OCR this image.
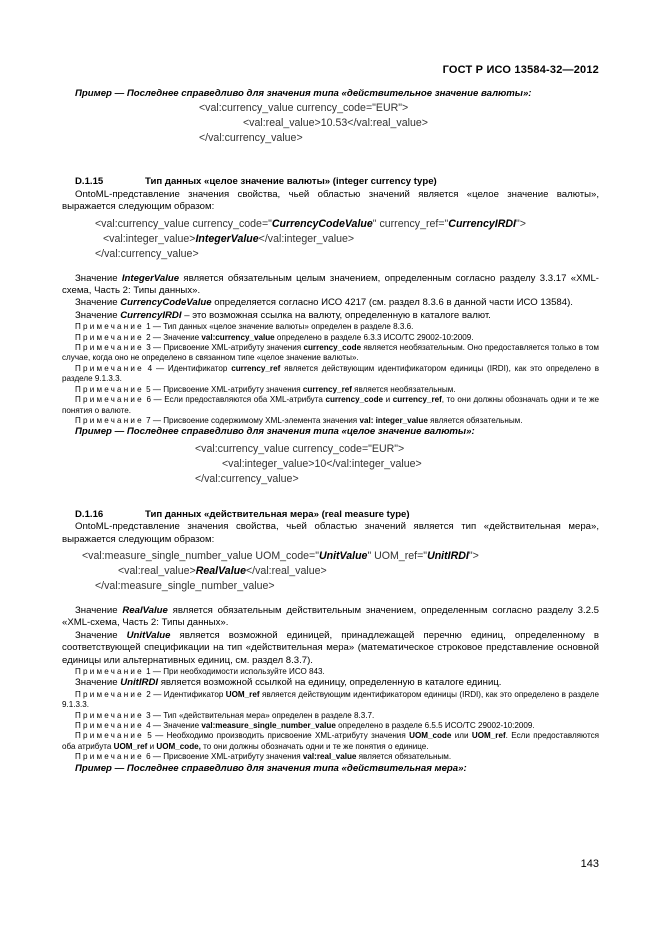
ГОСТ Р ИСО 13584-32—2012
Пример — Последнее справедливо для значения типа «действительное значение валюты»:
<val:currency_value currency_code="EUR">
<val:real_value>10.53</val:real_value>
</val:currency_value>
D.1.15	Тип данных «целое значение валюты» (integer currency type)
OntoML-представление значения свойства, чьей областью значений является «целое значение валюты», выражается следующим образом:
<val:currency_value currency_code="CurrencyCodeValue" currency_ref="CurrencyIRDI">
<val:integer_value>IntegerValue</val:integer_value>
</val:currency_value>
Значение IntegerValue является обязательным целым значением, определенным согласно разделу 3.3.17 «XML-схема, Часть 2: Типы данных».
Значение CurrencyCodeValue определяется согласно ИСО 4217 (см. раздел 8.3.6 в данной части ИСО 13584).
Значение CurrencyIRDI – это возможная ссылка на валюту, определенную в каталоге валют.
Примечание 1 — Тип данных «целое значение валюты» определен в разделе 8.3.6.
Примечание 2 — Значение val:currency_value определено в разделе 6.3.3 ИСО/ТС 29002-10:2009.
Примечание 3 — Присвоение XML-атрибуту значения currency_code является необязательным. Оно предоставляется только в том случае, когда оно не определено в связанном типе «целое значение валюты».
Примечание 4 — Идентификатор currency_ref является действующим идентификатором единицы (IRDI), как это определено в разделе 9.1.3.3.
Примечание 5 — Присвоение XML-атрибуту значения currency_ref является необязательным.
Примечание 6 — Если предоставляются оба XML-атрибута currency_code и currency_ref, то они должны обозначать одни и те же понятия о валюте.
Примечание 7 — Присвоение содержимому XML-элемента значения val: integer_value является обязательным.
Пример — Последнее справедливо для значения типа «целое значение валюты»:
<val:currency_value currency_code="EUR">
<val:integer_value>10</val:integer_value>
</val:currency_value>
D.1.16	Тип данных «действительная мера» (real measure type)
OntoML-представление значения свойства, чьей областью значений является тип «действительная мера», выражается следующим образом:
<val:measure_single_number_value UOM_code="UnitValue" UOM_ref="UnitIRDI">
<val:real_value>RealValue</val:real_value>
</val:measure_single_number_value>
Значение RealValue является обязательным действительным значением, определенным согласно разделу 3.2.5 «XML-схема, Часть 2: Типы данных».
Значение UnitValue является возможной единицей, принадлежащей перечню единиц, определенному в соответствующей спецификации на тип «действительная мера» (математическое строковое представление основной единицы или альтернативных единиц, см. раздел 8.3.7).
Примечание 1 — При необходимости используйте ИСО 843.
Значение UnitIRDI является возможной ссылкой на единицу, определенную в каталоге единиц.
Примечание 2 — Идентификатор UOM_ref является действующим идентификатором единицы (IRDI), как это определено в разделе 9.1.3.3.
Примечание 3 — Тип «действительная мера» определен в разделе 8.3.7.
Примечание 4 — Значение val:measure_single_number_value определено в разделе 6.5.5 ИСО/ТС 29002-10:2009.
Примечание 5 — Необходимо производить присвоение XML-атрибуту значения UOM_code или UOM_ref. Если предоставляются оба атрибута UOM_ref и UOM_code, то они должны обозначать одни и те же понятия о единице.
Примечание 6 — Присвоение XML-атрибуту значения val:real_value является обязательным.
Пример — Последнее справедливо для значения типа «действительная мера»:
143
